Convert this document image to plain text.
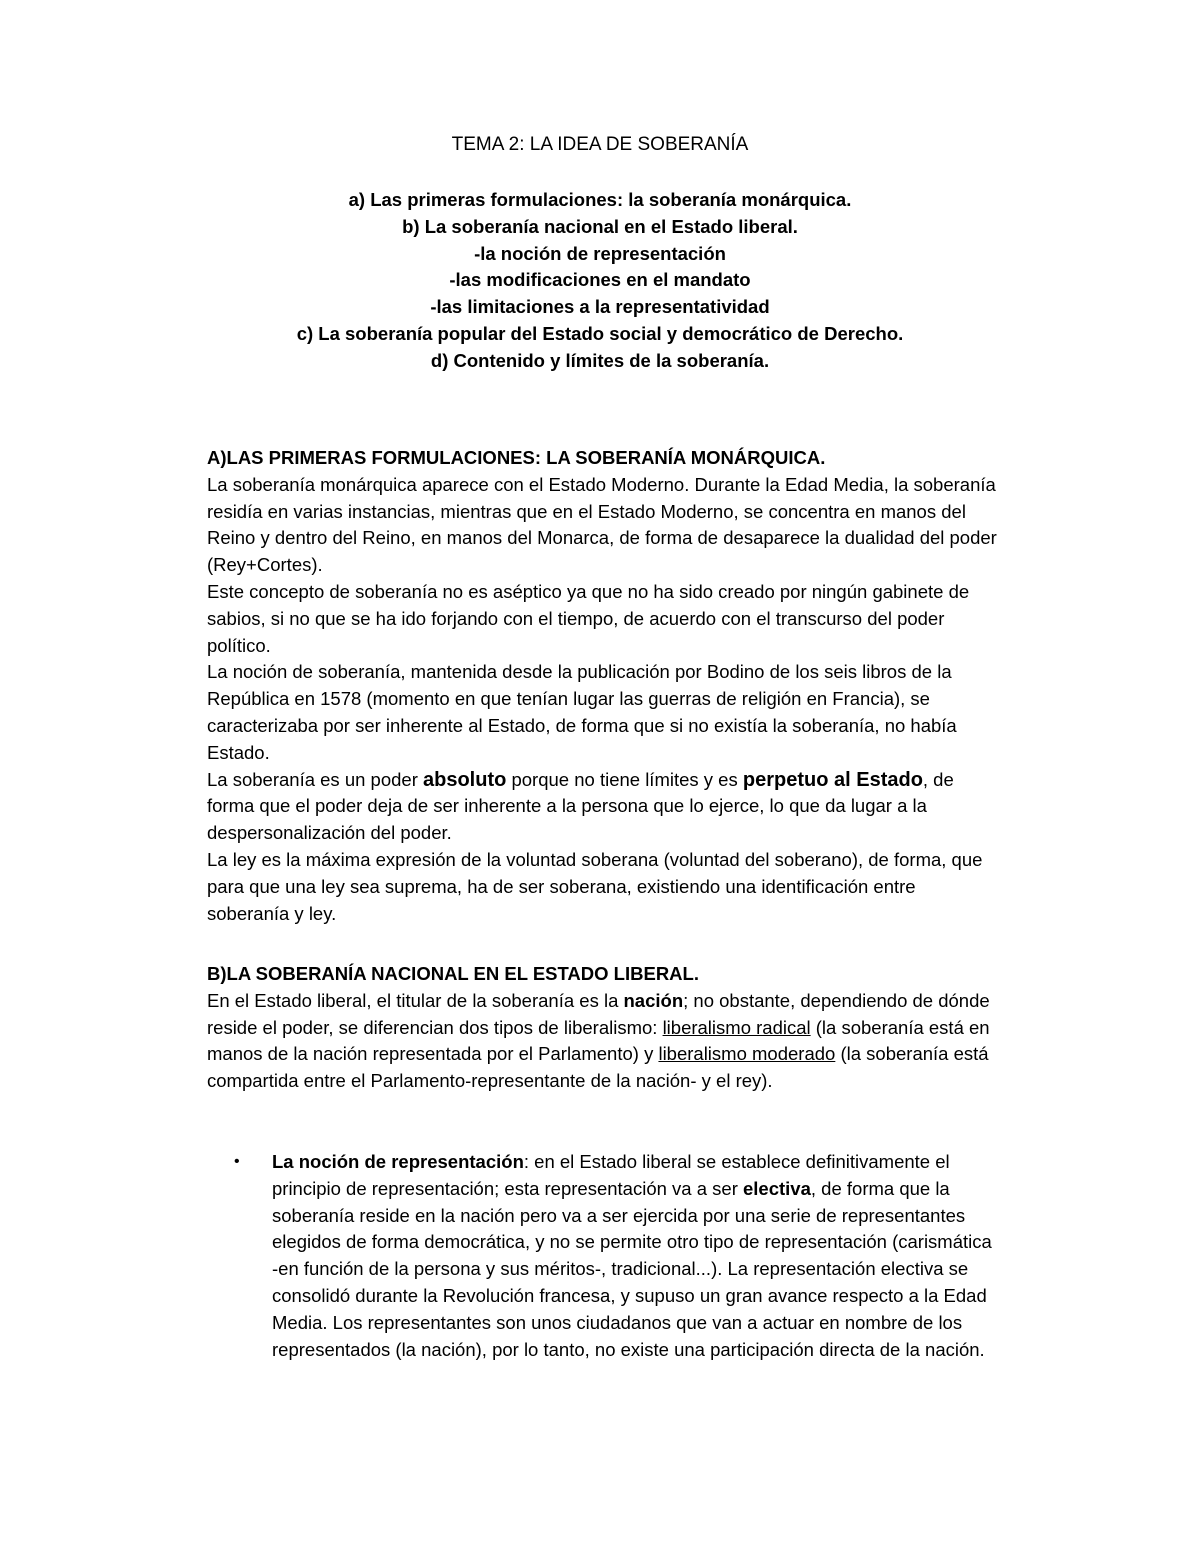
TEMA 2: LA IDEA DE SOBERANÍA
a) Las primeras formulaciones: la soberanía monárquica.
b) La soberanía nacional en el Estado liberal.
-la noción de representación
-las modificaciones en el mandato
-las limitaciones a la representatividad
c) La soberanía popular del Estado social y democrático de Derecho.
d) Contenido y límites de la soberanía.

A)LAS PRIMERAS FORMULACIONES: LA SOBERANÍA MONÁRQUICA.

La soberanía monárquica aparece con el Estado Moderno. Durante la Edad Media, la soberanía residía en varias instancias, mientras que en el Estado Moderno, se concentra en manos del Reino y dentro del Reino, en manos del Monarca, de forma de desaparece la dualidad del poder (Rey+Cortes).

Este concepto de soberanía no es aséptico ya que no ha sido creado por ningún gabinete de sabios, si no que se ha ido forjando con el tiempo, de acuerdo con el transcurso del poder político.

La noción de soberanía, mantenida desde la publicación por Bodino de los seis libros de la República en 1578 (momento en que tenían lugar las guerras de religión en Francia), se caracterizaba por ser inherente al Estado, de forma que si no existía la soberanía, no había Estado.

La soberanía es un poder absoluto porque no tiene límites y es perpetuo al Estado, de forma que el poder deja de ser inherente a la persona que lo ejerce, lo que da lugar a la despersonalización del poder.

La ley es la máxima expresión de la voluntad soberana (voluntad del soberano), de forma, que para que una ley sea suprema, ha de ser soberana, existiendo una identificación entre soberanía y ley.

B)LA SOBERANÍA NACIONAL EN EL ESTADO LIBERAL.

En el Estado liberal, el titular de la soberanía es la nación; no obstante, dependiendo de dónde reside el poder, se diferencian dos tipos de liberalismo: liberalismo radical (la soberanía está en manos de la nación representada por el Parlamento) y liberalismo moderado (la soberanía está compartida entre el Parlamento-representante de la nación- y el rey).

• La noción de representación: en el Estado liberal se establece definitivamente el principio de representación; esta representación va a ser electiva, de forma que la soberanía reside en la nación pero va a ser ejercida por una serie de representantes elegidos de forma democrática, y no se permite otro tipo de representación (carismática -en función de la persona y sus méritos-, tradicional...). La representación electiva se consolidó durante la Revolución francesa, y supuso un gran avance respecto a la Edad Media. Los representantes son unos ciudadanos que van a actuar en nombre de los representados (la nación), por lo tanto, no existe una participación directa de la nación.
